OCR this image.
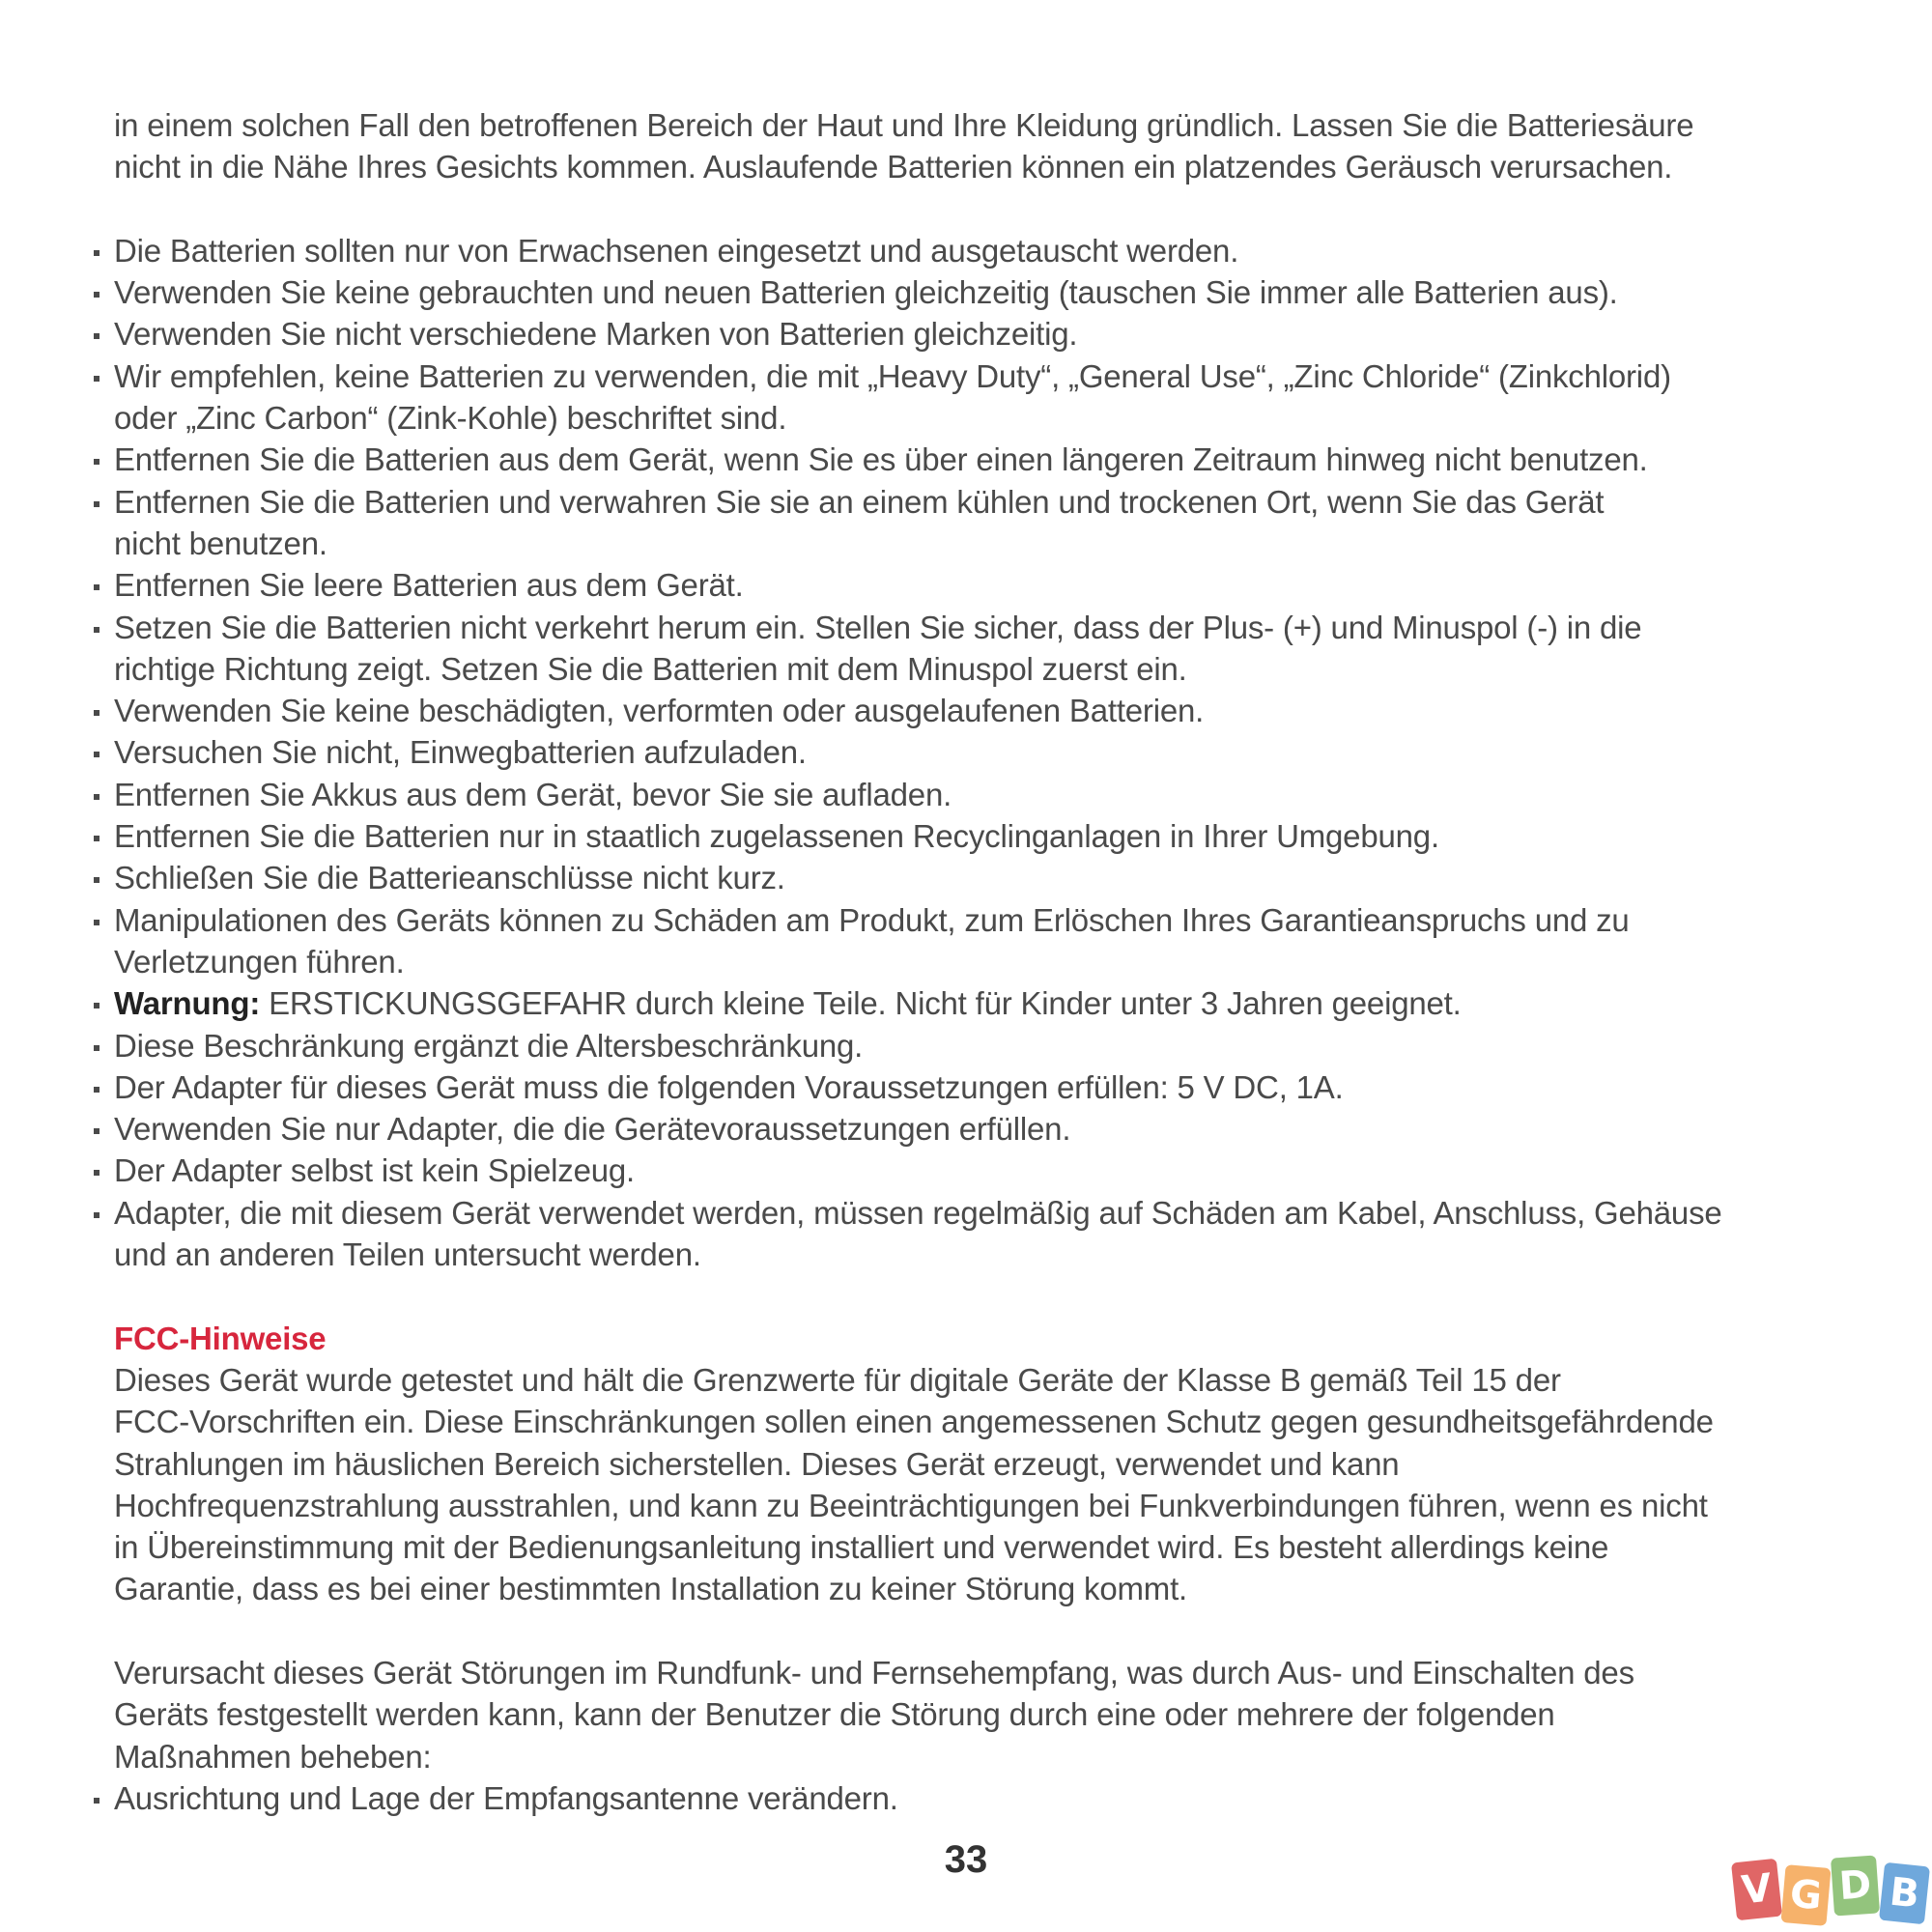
in einem solchen Fall den betroffenen Bereich der Haut und Ihre Kleidung gründlich. Lassen Sie die Batteriesäure
nicht in die Nähe Ihres Gesichts kommen. Auslaufende Batterien können ein platzendes Geräusch verursachen.
Die Batterien sollten nur von Erwachsenen eingesetzt und ausgetauscht werden.
Verwenden Sie keine gebrauchten und neuen Batterien gleichzeitig (tauschen Sie immer alle Batterien aus).
Verwenden Sie nicht verschiedene Marken von Batterien gleichzeitig.
Wir empfehlen, keine Batterien zu verwenden, die mit „Heavy Duty“, „General Use“, „Zinc Chloride“ (Zinkchlorid)
oder „Zinc Carbon“ (Zink-Kohle) beschriftet sind.
Entfernen Sie die Batterien aus dem Gerät, wenn Sie es über einen längeren Zeitraum hinweg nicht benutzen.
Entfernen Sie die Batterien und verwahren Sie sie an einem kühlen und trockenen Ort, wenn Sie das Gerät
nicht benutzen.
Entfernen Sie leere Batterien aus dem Gerät.
Setzen Sie die Batterien nicht verkehrt herum ein. Stellen Sie sicher, dass der Plus- (+) und Minuspol (-) in die
richtige Richtung zeigt. Setzen Sie die Batterien mit dem Minuspol zuerst ein.
Verwenden Sie keine beschädigten, verformten oder ausgelaufenen Batterien.
Versuchen Sie nicht, Einwegbatterien aufzuladen.
Entfernen Sie Akkus aus dem Gerät, bevor Sie sie aufladen.
Entfernen Sie die Batterien nur in staatlich zugelassenen Recyclinganlagen in Ihrer Umgebung.
Schließen Sie die Batterieanschlüsse nicht kurz.
Manipulationen des Geräts können zu Schäden am Produkt, zum Erlöschen Ihres Garantieanspruchs und zu
Verletzungen führen.
Warnung: ERSTICKUNGSGEFAHR durch kleine Teile. Nicht für Kinder unter 3 Jahren geeignet.
Diese Beschränkung ergänzt die Altersbeschränkung.
Der Adapter für dieses Gerät muss die folgenden Voraussetzungen erfüllen: 5 V DC, 1A.
Verwenden Sie nur Adapter, die die Gerätevoraussetzungen erfüllen.
Der Adapter selbst ist kein Spielzeug.
Adapter, die mit diesem Gerät verwendet werden, müssen regelmäßig auf Schäden am Kabel, Anschluss, Gehäuse
und an anderen Teilen untersucht werden.
FCC-Hinweise
Dieses Gerät wurde getestet und hält die Grenzwerte für digitale Geräte der Klasse B gemäß Teil 15 der
FCC-Vorschriften ein. Diese Einschränkungen sollen einen angemessenen Schutz gegen gesundheitsgefährdende
Strahlungen im häuslichen Bereich sicherstellen. Dieses Gerät erzeugt, verwendet und kann
Hochfrequenzstrahlung ausstrahlen, und kann zu Beeinträchtigungen bei Funkverbindungen führen, wenn es nicht
in Übereinstimmung mit der Bedienungsanleitung installiert und verwendet wird. Es besteht allerdings keine
Garantie, dass es bei einer bestimmten Installation zu keiner Störung kommt.
Verursacht dieses Gerät Störungen im Rundfunk- und Fernsehempfang, was durch Aus- und Einschalten des
Geräts festgestellt werden kann, kann der Benutzer die Störung durch eine oder mehrere der folgenden
Maßnahmen beheben:
Ausrichtung und Lage der Empfangsantenne verändern.
33
V G D B
